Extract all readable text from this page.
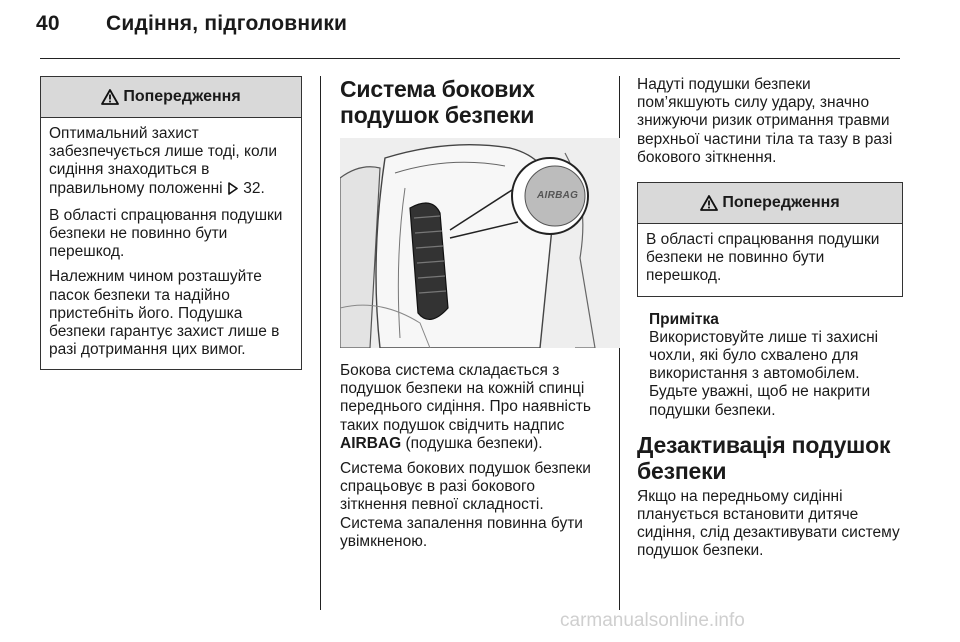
40 Сидіння, підголовники
Попередження

Оптимальний захист забезпечується лише тоді, коли сидіння знаходиться в правильному положенні 32.

В області спрацювання подушки безпеки не повинно бути перешкод.

Належним чином розташуйте пасок безпеки та надійно пристебніть його. Подушка безпеки гарантує захист лише в разі дотримання цих вимог.

Система бокових подушок безпеки
AIRBAG

Бокова система складається з подушок безпеки на кожній спинці переднього сидіння. Про наявність таких подушок свідчить надпис AIRBAG (подушка безпеки).

Система бокових подушок безпеки спрацьовує в разі бокового зіткнення певної складності.

Система запалення повинна бути увімкненою.

Надуті подушки безпеки пом’якшують силу удару, значно знижуючи ризик отримання травми верхньої частини тіла та тазу в разі бокового зіткнення.

Попередження

В області спрацювання подушки безпеки не повинно бути перешкод.

Примітка

Використовуйте лише ті захисні чохли, які було схвалено для використання з автомобілем. Будьте уважні, щоб не накрити подушки безпеки.

Дезактивація подушок безпеки

Якщо на передньому сидінні планується встановити дитяче сидіння, слід дезактивувати систему подушок безпеки.

carmanualsonline.info
